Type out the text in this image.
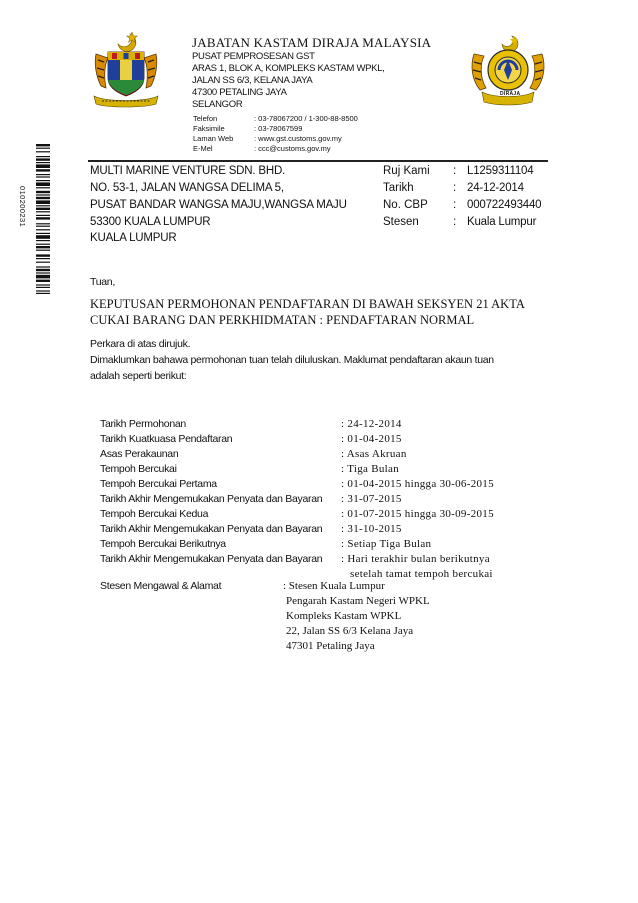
DIRAJA
JABATAN KASTAM DIRAJA MALAYSIA
PUSAT PEMPROSESAN GST
ARAS 1, BLOK A, KOMPLEKS KASTAM WPKL,
JALAN SS 6/3, KELANA JAYA
47300 PETALING JAYA
SELANGOR
Telefon	: 03-78067200 / 1-300-88-8500
Faksimile	: 03-78067599
Laman Web	: www.gst.customs.gov.my
E-Mel	: ccc@customs.gov.my
010200231
MULTI MARINE VENTURE SDN. BHD.
NO. 53-1, JALAN WANGSA DELIMA 5,
PUSAT BANDAR WANGSA MAJU,WANGSA MAJU
53300 KUALA LUMPUR
KUALA LUMPUR
Ruj Kami : L1259311104
Tarikh	: 24-12-2014
No. CBP : 000722493440
Stesen	: Kuala Lumpur
Tuan,
KEPUTUSAN PERMOHONAN PENDAFTARAN DI BAWAH SEKSYEN 21 AKTA
CUKAI BARANG DAN PERKHIDMATAN : PENDAFTARAN NORMAL
Perkara di atas dirujuk.
Dimaklumkan bahawa permohonan tuan telah diluluskan. Maklumat pendaftaran akaun tuan
adalah seperti berikut:
Tarikh Permohonan	: 24-12-2014
Tarikh Kuatkuasa Pendaftaran	: 01-04-2015
Asas Perakaunan	: Asas Akruan
Tempoh Bercukai	: Tiga Bulan
Tempoh Bercukai Pertama	: 01-04-2015 hingga 30-06-2015
Tarikh Akhir Mengemukakan Penyata dan Bayaran : 31-07-2015
Tempoh Bercukai Kedua	: 01-07-2015 hingga 30-09-2015
Tarikh Akhir Mengemukakan Penyata dan Bayaran : 31-10-2015
Tempoh Bercukai Berikutnya	: Setiap Tiga Bulan
Tarikh Akhir Mengemukakan Penyata dan Bayaran : Hari terakhir bulan berikutnya
setelah tamat tempoh bercukai
Stesen Mengawal & Alamat	: Stesen Kuala Lumpur
Pengarah Kastam Negeri WPKL
Kompleks Kastam WPKL
22, Jalan SS 6/3 Kelana Jaya
47301 Petaling Jaya
